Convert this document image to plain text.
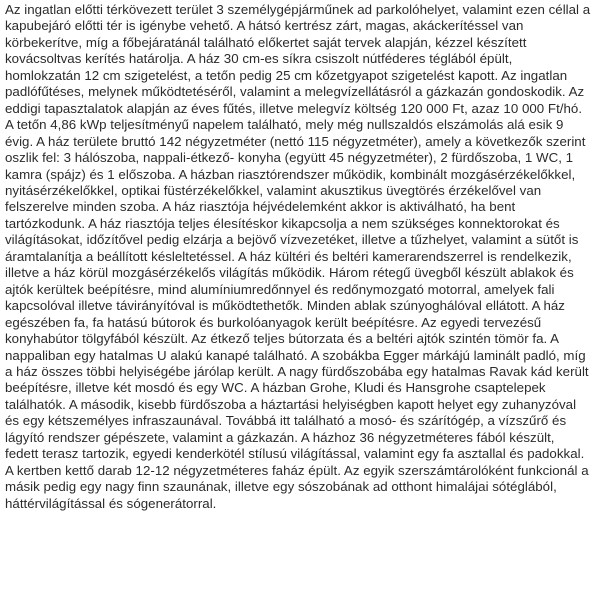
Az ingatlan előtti térkövezett terület 3 személygépjárműnek ad parkolóhelyet, valamint ezen céllal a kapubejáró előtti tér is igénybe vehető. A hátsó kertrész zárt, magas, akáckerítéssel van körbekerítve, míg a főbejáratánál található előkertet saját tervek alapján, kézzel készített kovácsoltvas kerítés határolja. A ház 30 cm-es síkra csiszolt nútféderes téglából épült, homlokzatán 12 cm szigetelést, a tetőn pedig 25 cm kőzetgyapot szigetelést kapott. Az ingatlan padlófűtéses, melynek működtetéséről, valamint a melegvízellátásról a gázkazán gondoskodik. Az eddigi tapasztalatok alapján az éves fűtés, illetve melegvíz költség 120 000 Ft, azaz 10 000 Ft/hó. A tetőn 4,86 kWp teljesítményű napelem található, mely még nullszaldós elszámolás alá esik 9 évig. A ház területe bruttó 142 négyzetméter (nettó 115 négyzetméter), amely a következők szerint oszlik fel: 3 hálószoba, nappali-étkező- konyha (együtt 45 négyzetméter), 2 fürdőszoba, 1 WC, 1 kamra (spájz) és 1 előszoba. A házban riasztórendszer működik, kombinált mozgásérzékelőkkel, nyitásérzékelőkkel, optikai füstérzékelőkkel, valamint akusztikus üvegtörés érzékelővel van felszerelve minden szoba. A ház riasztója héjvédelemként akkor is aktiválható, ha bent tartózkodunk. A ház riasztója teljes élesítéskor kikapcsolja a nem szükséges konnektorokat és világításokat, időzítővel pedig elzárja a bejövő vízvezetéket, illetve a tűzhelyet, valamint a sütőt is áramtalanítja a beállított késleltetéssel. A ház kültéri és beltéri kamerarendszerrel is rendelkezik, illetve a ház körül mozgásérzékelős világítás működik. Három rétegű üvegből készült ablakok és ajtók kerültek beépítésre, mind alumíniumredőnnyel és redőnymozgató motorral, amelyek fali kapcsolóval illetve távirányítóval is működtethetők. Minden ablak szúnyoghálóval ellátott. A ház egészében fa, fa hatású bútorok és burkolóanyagok került beépítésre. Az egyedi tervezésű konyhabútor tölgyfából készült. Az étkező teljes bútorzata és a beltéri ajtók szintén tömör fa. A nappaliban egy hatalmas U alakú kanapé található. A szobákba Egger márkájú laminált padló, míg a ház összes többi helyiségébe járólap került. A nagy fürdőszobába egy hatalmas Ravak kád került beépítésre, illetve két mosdó és egy WC. A házban Grohe, Kludi és Hansgrohe csaptelepek találhatók. A második, kisebb fürdőszoba a háztartási helyiségben kapott helyet egy zuhanyzóval és egy kétszemélyes infraszaunával. Továbbá itt található a mosó- és szárítógép, a vízszűrő és lágyító rendszer gépészete, valamint a gázkazán. A házhoz 36 négyzetméteres fából készült, fedett terasz tartozik, egyedi kenderkötél stílusú világítással, valamint egy fa asztallal és padokkal. A kertben kettő darab 12-12 négyzetméteres faház épült. Az egyik szerszámtárolóként funkcionál a másik pedig egy nagy finn szaunának, illetve egy sószobának ad otthont himalájai sótéglából, háttérvilágítással és sógenerátorral.
